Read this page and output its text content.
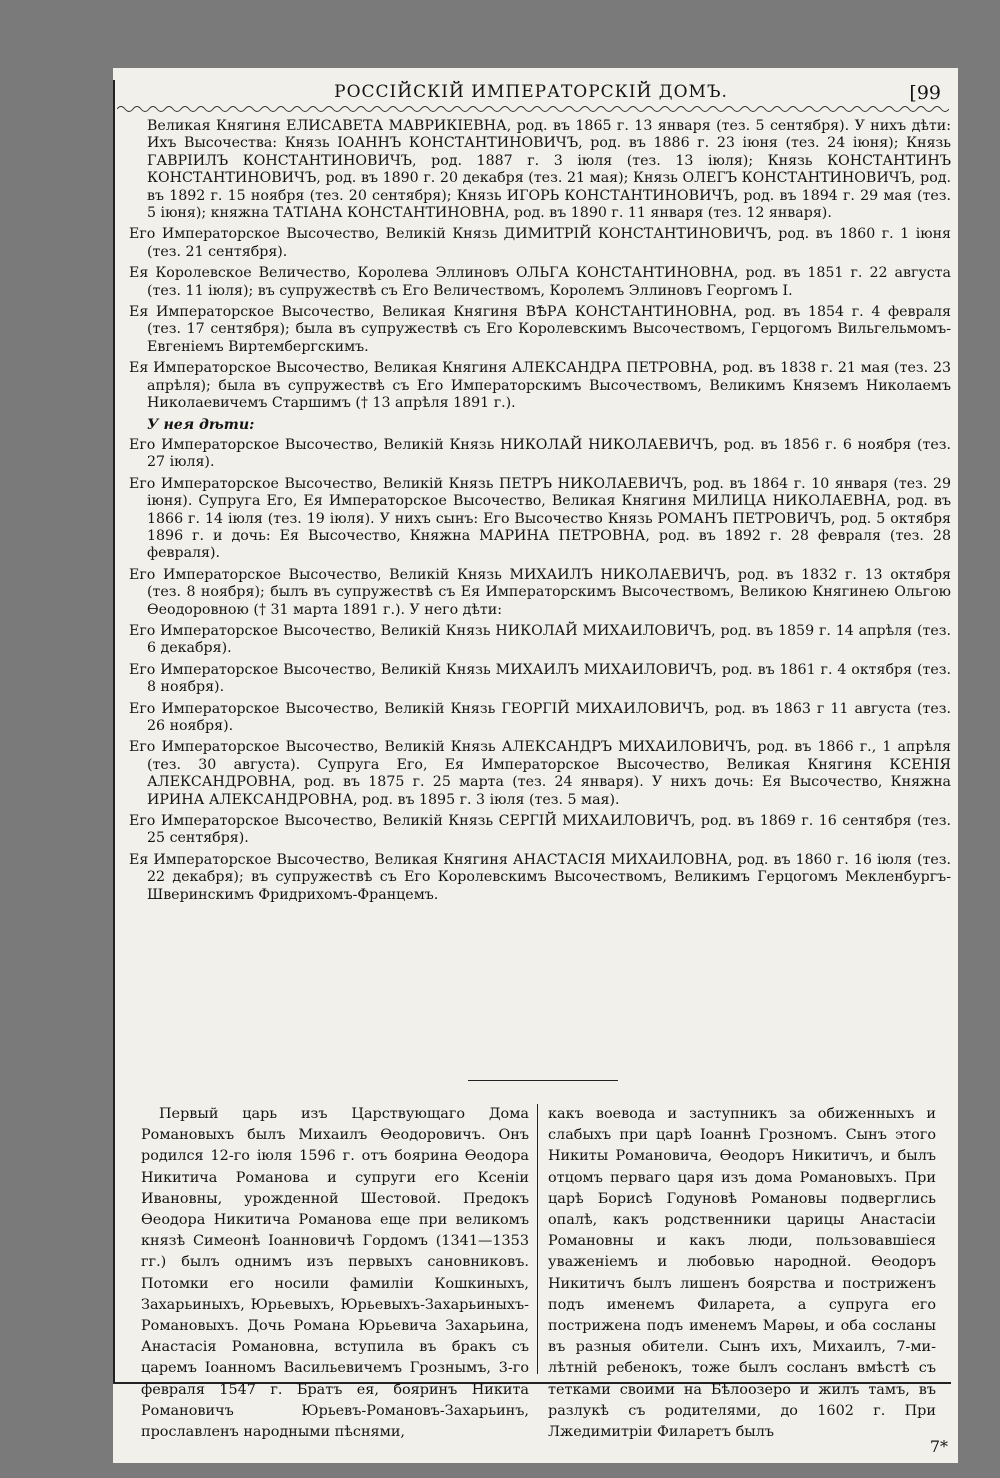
РОССІЙСКІЙ ИМПЕРАТОРСКІЙ ДОМЪ.	[99

Великая Княгиня ЕЛИСАВЕТА МАВРИКІЕВНА, род. въ 1865 г. 13 января (тез. 5 сентября). У нихъ дѣти: Ихъ Высочества: Князь ІОАННЪ КОНСТАНТИНОВИЧЪ, род. въ 1886 г. 23 іюня (тез. 24 іюня); Князь ГАВРІИЛЪ КОНСТАНТИНОВИЧЪ, род. 1887 г. 3 іюля (тез. 13 іюля); Князь КОНСТАНТИНЪ КОНСТАНТИНОВИЧЪ, род. въ 1890 г. 20 декабря (тез. 21 мая); Князь ОЛЕГЪ КОНСТАНТИНОВИЧЪ, род. въ 1892 г. 15 ноября (тез. 20 сентября); Князь ИГОРЬ КОНСТАНТИНОВИЧЪ, род. въ 1894 г. 29 мая (тез. 5 іюня); княжна ТАТІАНА КОНСТАНТИНОВНА, род. въ 1890 г. 11 января (тез. 12 января).

Его Императорское Высочество, Великій Князь ДИМИТРІЙ КОНСТАНТИНОВИЧЪ, род. въ 1860 г. 1 іюня (тез. 21 сентября).

Ея Королевское Величество, Королева Эллиновъ ОЛЬГА КОНСТАНТИНОВНА, род. въ 1851 г. 22 августа (тез. 11 іюля); въ супружествѣ съ Его Величествомъ, Королемъ Эллиновъ Георгомъ I.

Ея Императорское Высочество, Великая Княгиня ВѢРА КОНСТАНТИНОВНА, род. въ 1854 г. 4 февраля (тез. 17 сентября); была въ супружествѣ съ Его Королевскимъ Высочествомъ, Герцогомъ Вильгельмомъ-Евгеніемъ Виртембергскимъ.

Ея Императорское Высочество, Великая Княгиня АЛЕКСАНДРА ПЕТРОВНА, род. въ 1838 г. 21 мая (тез. 23 апрѣля); была въ супружествѣ съ Его Императорскимъ Высочествомъ, Великимъ Княземъ Николаемъ Николаевичемъ Старшимъ († 13 апрѣля 1891 г.).

У нея дѣти:

Его Императорское Высочество, Великій Князь НИКОЛАЙ НИКОЛАЕВИЧЪ, род. въ 1856 г. 6 ноября (тез. 27 іюля).

Его Императорское Высочество, Великій Князь ПЕТРЪ НИКОЛАЕВИЧЪ, род. въ 1864 г. 10 января (тез. 29 іюня). Супруга Его, Ея Императорское Высочество, Великая Княгиня МИЛИЦА НИКОЛАЕВНА, род. въ 1866 г. 14 іюля (тез. 19 іюля). У нихъ сынъ: Его Высочество Князь РОМАНЪ ПЕТРОВИЧЪ, род. 5 октября 1896 г. и дочь: Ея Высочество, Княжна МАРИНА ПЕТРОВНА, род. въ 1892 г. 28 февраля (тез. 28 февраля).

Его Императорское Высочество, Великій Князь МИХАИЛЪ НИКОЛАЕВИЧЪ, род. въ 1832 г. 13 октября (тез. 8 ноября); былъ въ супружествѣ съ Ея Императорскимъ Высочествомъ, Великою Княгинею Ольгою Ѳеодоровною († 31 марта 1891 г.). У него дѣти:

Его Императорское Высочество, Великій Князь НИКОЛАЙ МИХАИЛОВИЧЪ, род. въ 1859 г. 14 апрѣля (тез. 6 декабря).

Его Императорское Высочество, Великій Князь МИХАИЛЪ МИХАИЛОВИЧЪ, род. въ 1861 г. 4 октября (тез. 8 ноября).

Его Императорское Высочество, Великій Князь ГЕОРГІЙ МИХАИЛОВИЧЪ, род. въ 1863 г 11 августа (тез. 26 ноября).

Его Императорское Высочество, Великій Князь АЛЕКСАНДРЪ МИХАИЛОВИЧЪ, род. въ 1866 г., 1 апрѣля (тез. 30 августа). Супруга Его, Ея Императорское Высочество, Великая Княгиня КСЕНІЯ АЛЕКСАНДРОВНА, род. въ 1875 г. 25 марта (тез. 24 января). У нихъ дочь: Ея Высочество, Княжна ИРИНА АЛЕКСАНДРОВНА, род. въ 1895 г. 3 іюля (тез. 5 мая).

Его Императорское Высочество, Великій Князь СЕРГІЙ МИХАИЛОВИЧЪ, род. въ 1869 г. 16 сентября (тез. 25 сентября).

Ея Императорское Высочество, Великая Княгиня АНАСТАСІЯ МИХАИЛОВНА, род. въ 1860 г. 16 іюля (тез. 22 декабря); въ супружествѣ съ Его Королевскимъ Высочествомъ, Великимъ Герцогомъ Мекленбургъ-Шверинскимъ Фридрихомъ-Францемъ.

Первый царь изъ Царствующаго Дома Романовыхъ былъ Михаилъ Ѳеодоровичъ. Онъ родился 12-го іюля 1596 г. отъ боярина Ѳеодора Никитича Романова и супруги его Ксеніи Ивановны, урожденной Шестовой. Предокъ Ѳеодора Никитича Романова еще при великомъ князѣ Симеонѣ Іоанновичѣ Гордомъ (1341—1353 гг.) былъ однимъ изъ первыхъ сановниковъ. Потомки его носили фамиліи Кошкиныхъ, Захарьиныхъ, Юрьевыхъ, Юрьевыхъ-Захарьиныхъ-Романовыхъ. Дочь Романа Юрьевича Захарьина, Анастасія Романовна, вступила въ бракъ съ царемъ Іоанномъ Васильевичемъ Грознымъ, 3-го февраля 1547 г. Братъ ея, бояринъ Никита Романовичъ Юрьевъ-Романовъ-Захарьинъ, прославленъ народными пѣснями,
какъ воевода и заступникъ за обиженныхъ и слабыхъ при царѣ Іоаннѣ Грозномъ. Сынъ этого Никиты Романовича, Ѳеодоръ Никитичъ, и былъ отцомъ перваго царя изъ дома Романовыхъ. При царѣ Борисѣ Годуновѣ Романовы подверглись опалѣ, какъ родственники царицы Анастасіи Романовны и какъ люди, пользовавшіеся уваженіемъ и любовью народной. Ѳеодоръ Никитичъ былъ лишенъ боярства и постриженъ подъ именемъ Филарета, а супруга его пострижена подъ именемъ Марѳы, и оба сосланы въ разныя обители. Сынъ ихъ, Михаилъ, 7-ми-лѣтній ребенокъ, тоже былъ сосланъ вмѣстѣ съ тетками своими на Бѣлоозеро и жилъ тамъ, въ разлукѣ съ родителями, до 1602 г. При Лжедимитріи Филаретъ былъ
7*
